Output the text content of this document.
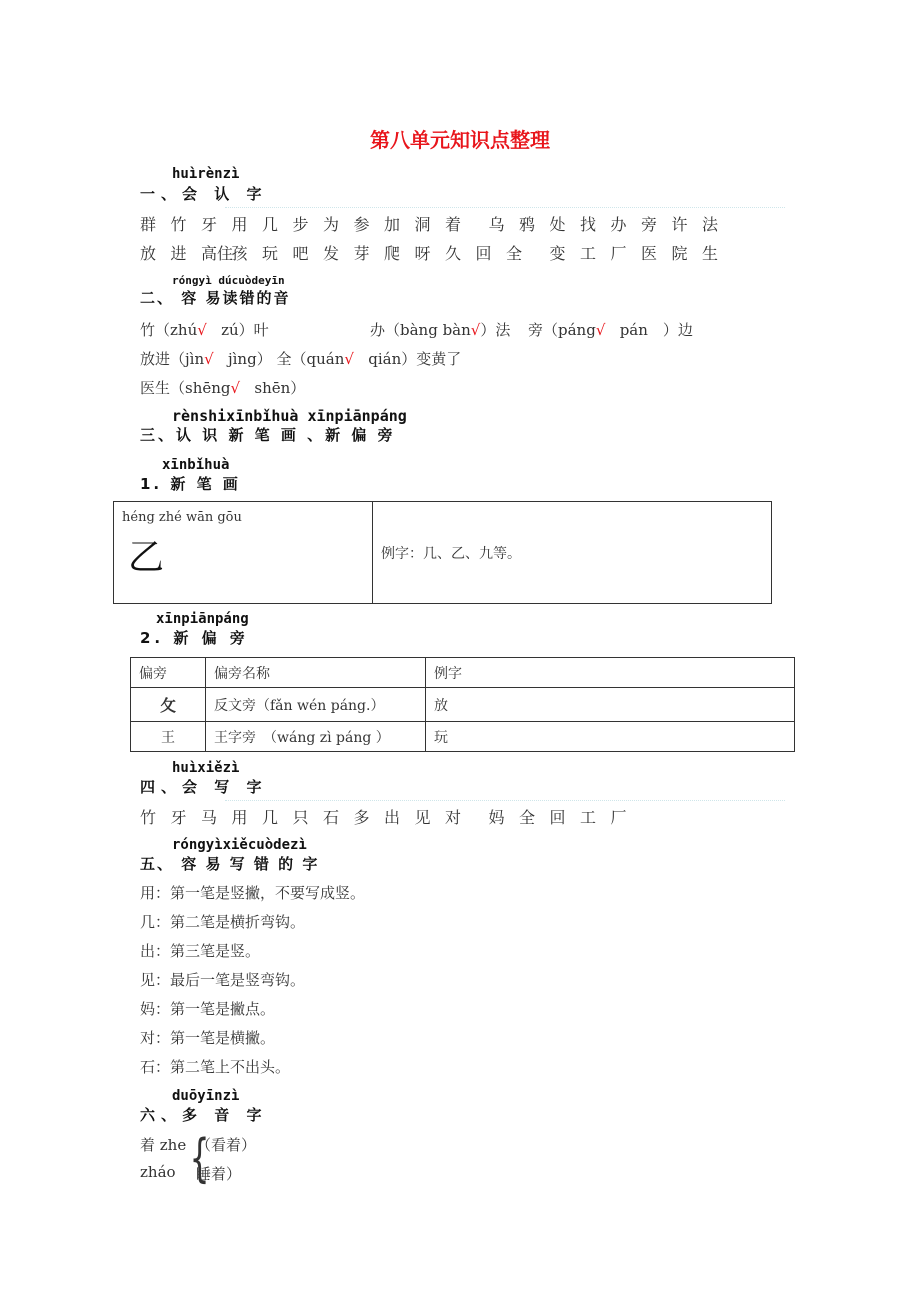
第八单元知识点整理
huìrènzì
一、会 认 字
群 竹 牙 用 几 步 为 参 加 洞 着	乌 鸦 处 找 办 旁 许 法
放 进 高住
孩 玩 吧 发 芽 爬 呀 久 回 全	变 工 厂 医 院 生
róngyì dúcuòdeyīn
二、 容 易读错的音
竹（zhú√ zú）叶	办（bàng bàn√）法 旁（páng√ pán　）边
放进（jìn√ jìng） 全（quán√ qián）变黄了
医生（shēng√ shēn）
rènshixīnbǐhuà xīnpiānpáng
三、认 识 新 笔 画 、新 偏 旁
xīnbǐhuà
1. 新 笔 画
héng zhé wān gōu
乙	例字：几、乙、九等。
xīnpiānpáng
2. 新 偏 旁
偏旁	偏旁名称	例字
攵	反文旁（fǎn wén páng.）	放
王	王字旁　（wáng zì páng ）	玩
huìxiězì
四、会 写 字
竹 牙 马 用 几 只 石 多 出 见 对	妈 全 回 工 厂
róngyìxiěcuòdezì
五、 容 易 写 错 的 字
用：第一笔是竖撇，不要写成竖。
几：第二笔是横折弯钩。
出：第三笔是竖。
见：最后一笔是竖弯钩。
妈：第一笔是撇点。
对：第一笔是横撇。
石：第二笔上不出头。
duōyīnzì
六、多 音 字
着 zhe （看着）
zháo 睡着）
{
